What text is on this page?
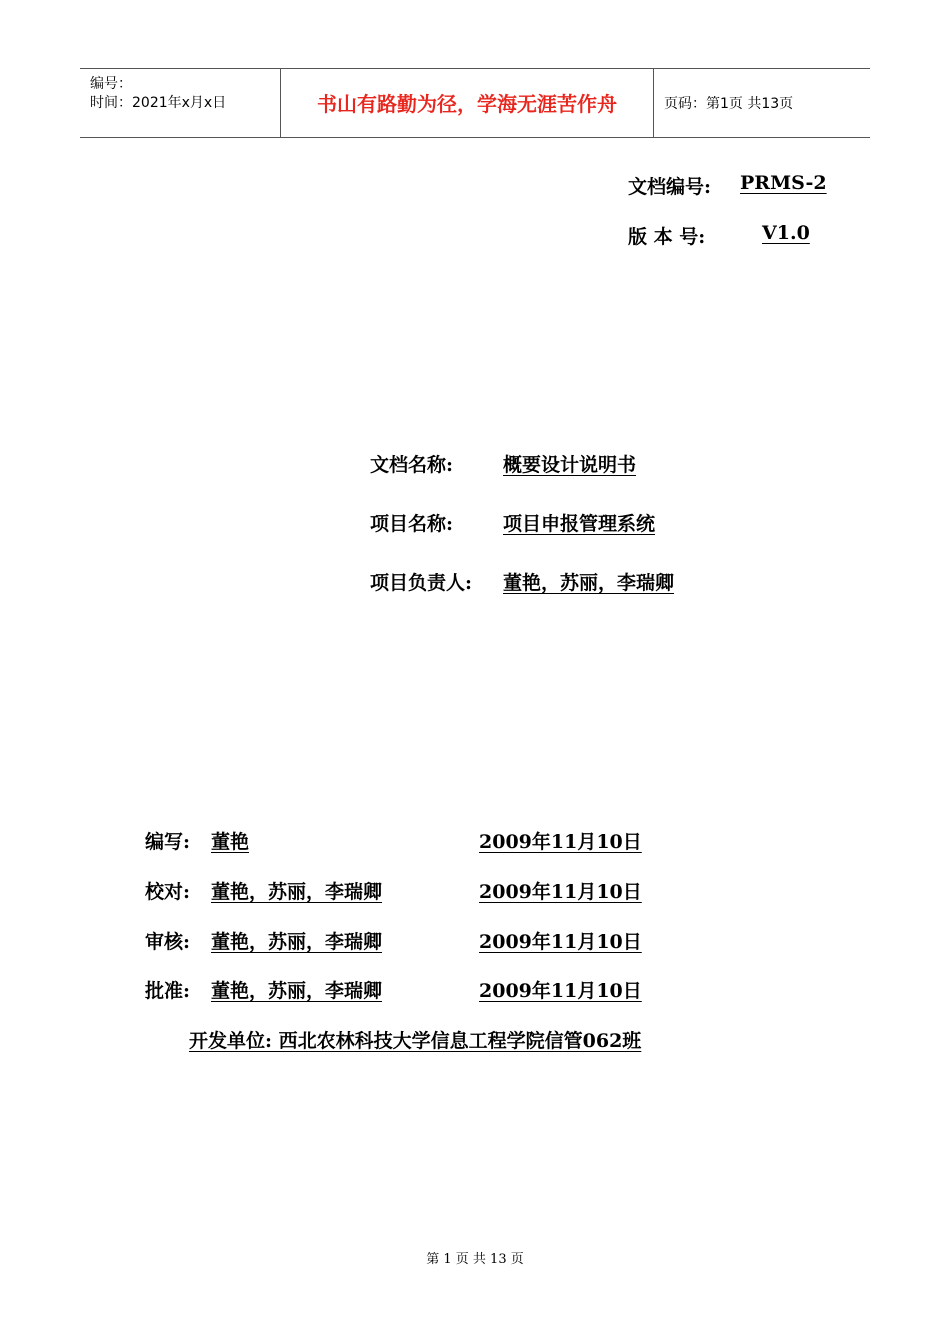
编号：
时间：2021年x月x日	书山有路勤为径，学海无涯苦作舟	页码：第1页 共13页
文档编号: PRMS-2
版 本 号:	V1.0
文档名称:	概要设计说明书
项目名称:	项目申报管理系统
项目负责人: 董艳，苏丽，李瑞卿
编写: 董艳	2009年11月10日
校对: 董艳，苏丽，李瑞卿	2009年11月10日
审核: 董艳，苏丽，李瑞卿	2009年11月10日
批准: 董艳，苏丽，李瑞卿	2009年11月10日
开发单位: 西北农林科技大学信息工程学院信管062班
第 1 页 共 13 页
